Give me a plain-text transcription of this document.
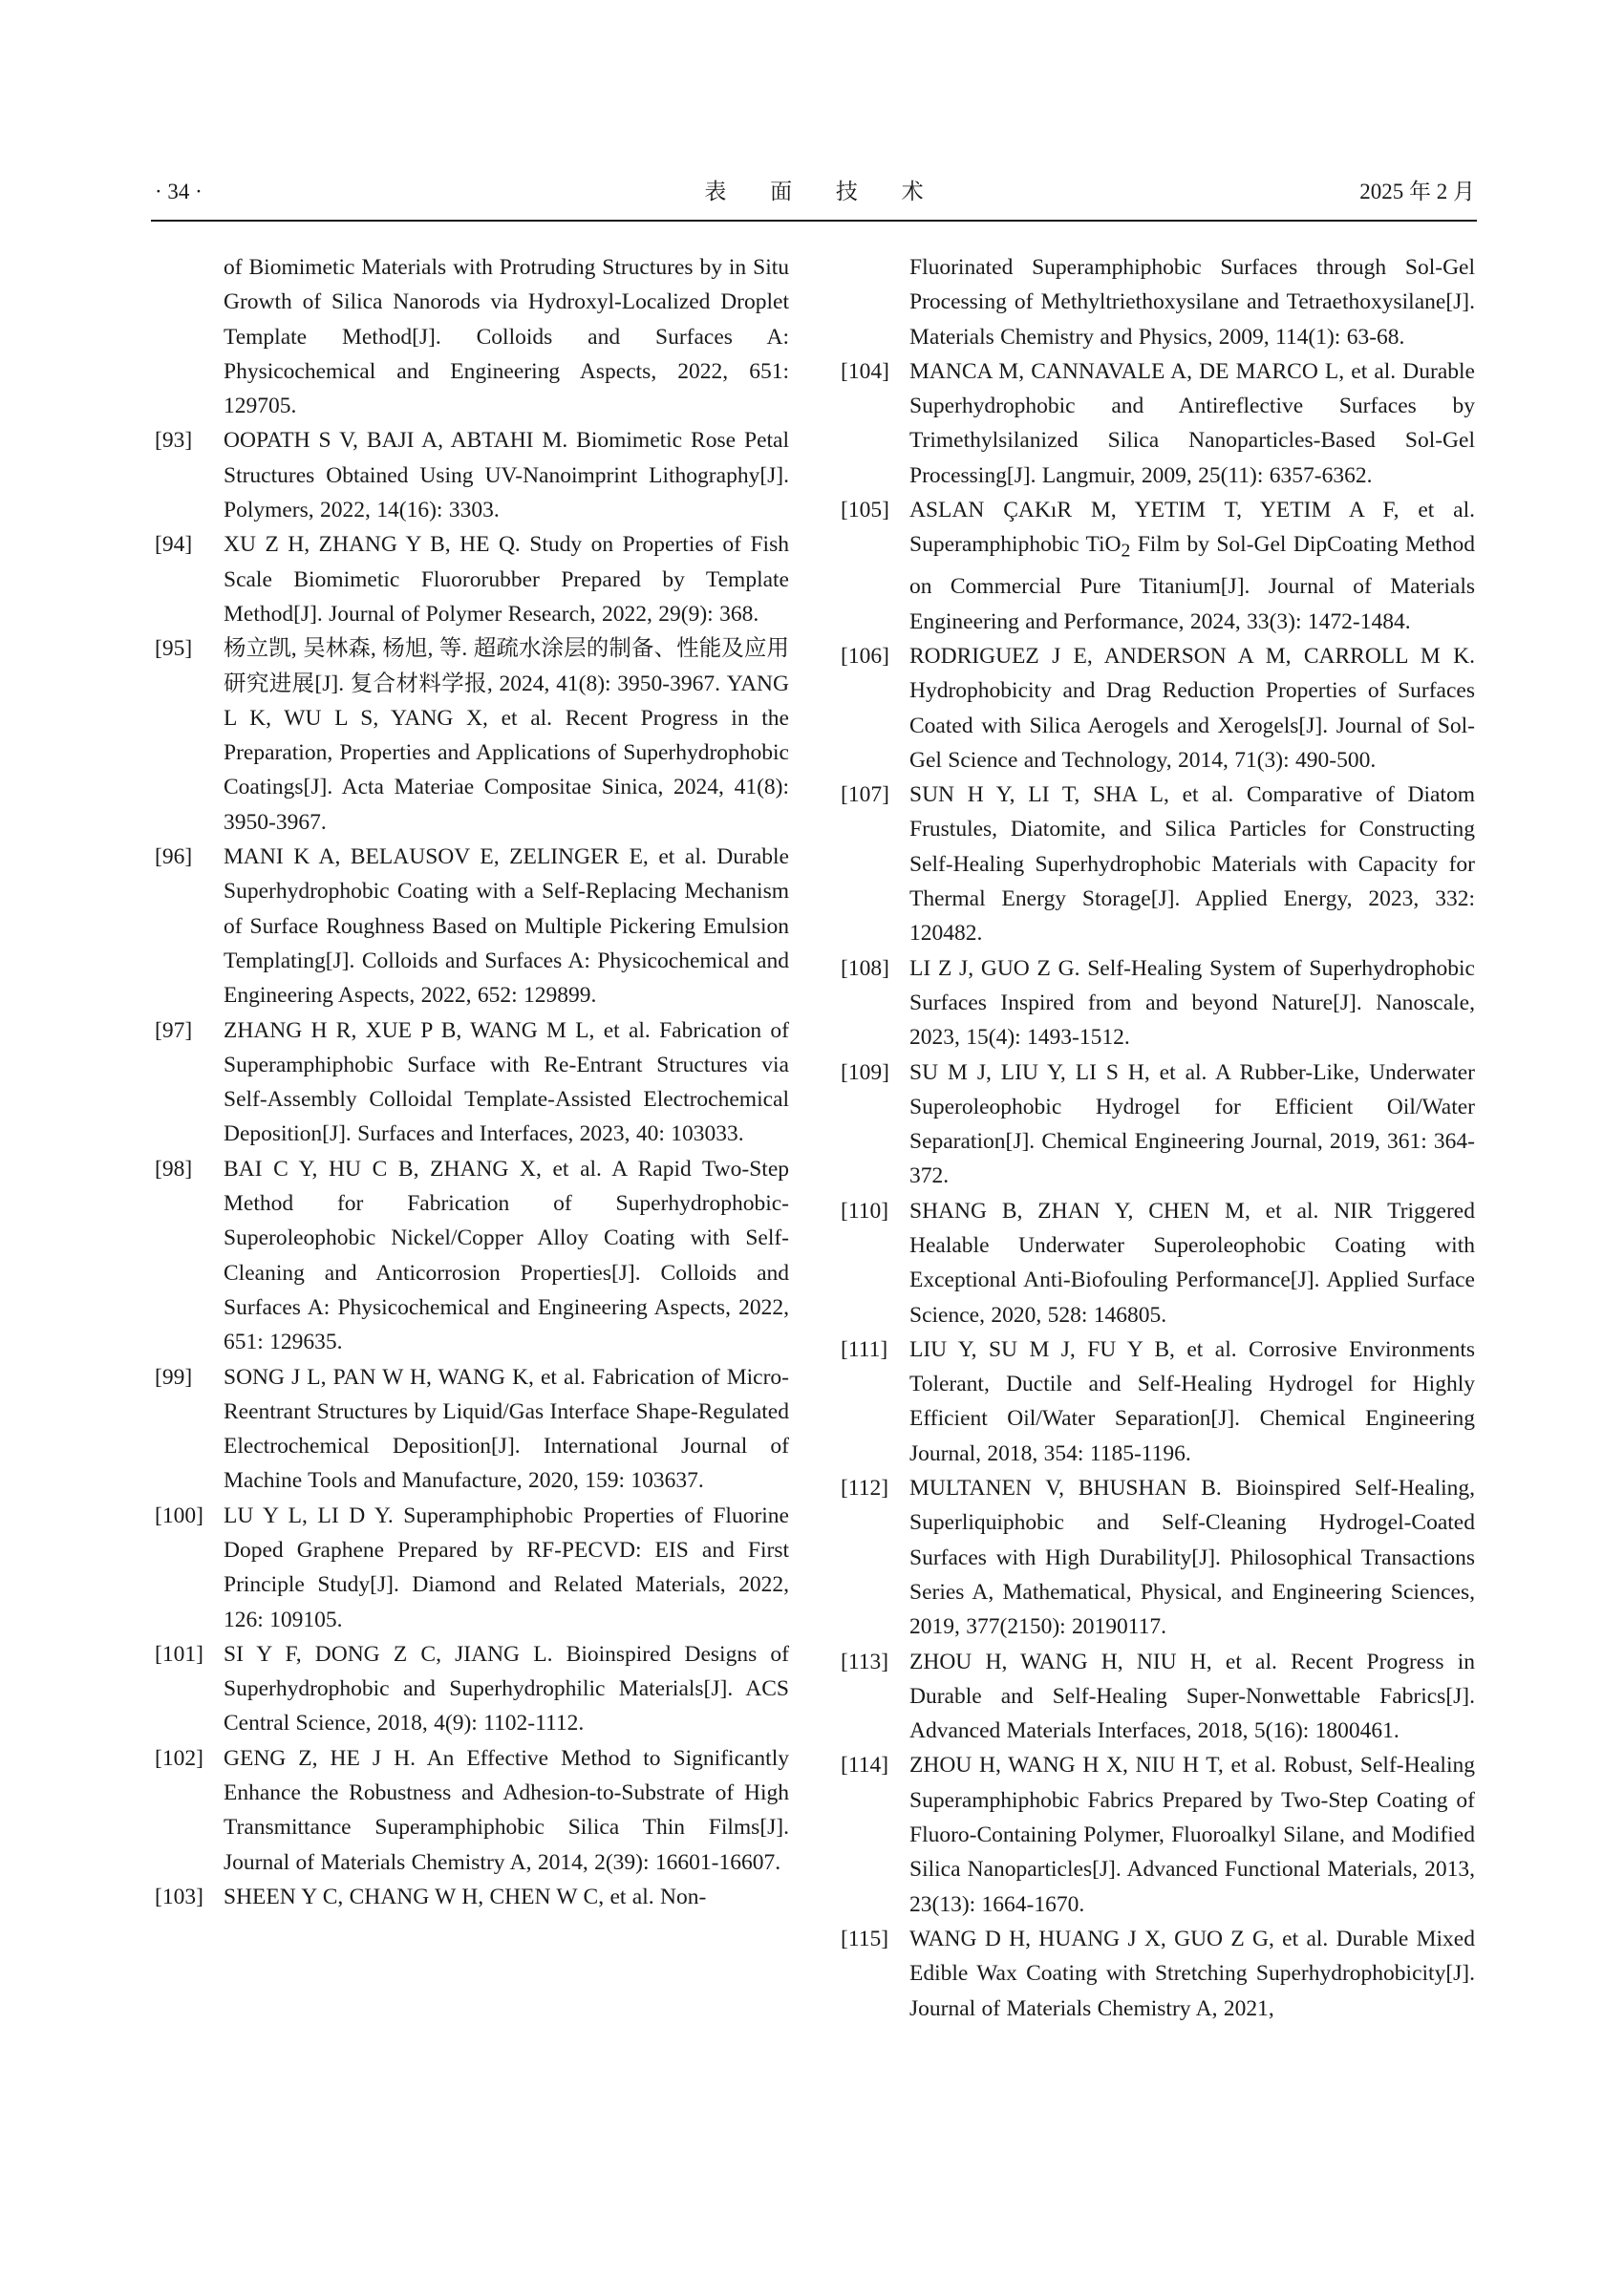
· 34 ·	表 面 技 术	2025 年 2 月
of Biomimetic Materials with Protruding Structures by in Situ Growth of Silica Nanorods via Hydroxyl-Localized Droplet Template Method[J]. Colloids and Surfaces A: Physicochemical and Engineering Aspects, 2022, 651: 129705.
[93]	OOPATH S V, BAJI A, ABTAHI M. Biomimetic Rose Petal Structures Obtained Using UV-Nanoimprint Lithography[J]. Polymers, 2022, 14(16): 3303.
[94]	XU Z H, ZHANG Y B, HE Q. Study on Properties of Fish Scale Biomimetic Fluororubber Prepared by Template Method[J]. Journal of Polymer Research, 2022, 29(9): 368.
[95]	杨立凯, 吴林森, 杨旭, 等. 超疏水涂层的制备、性能及应用研究进展[J]. 复合材料学报, 2024, 41(8): 3950-3967. YANG L K, WU L S, YANG X, et al. Recent Progress in the Preparation, Properties and Applications of Superhydrophobic Coatings[J]. Acta Materiae Compositae Sinica, 2024, 41(8): 3950-3967.
[96]	MANI K A, BELAUSOV E, ZELINGER E, et al. Durable Superhydrophobic Coating with a Self-Replacing Mechanism of Surface Roughness Based on Multiple Pickering Emulsion Templating[J]. Colloids and Surfaces A: Physicochemical and Engineering Aspects, 2022, 652: 129899.
[97]	ZHANG H R, XUE P B, WANG M L, et al. Fabrication of Superamphiphobic Surface with Re-Entrant Structures via Self-Assembly Colloidal Template-Assisted Electrochemical Deposition[J]. Surfaces and Interfaces, 2023, 40: 103033.
[98]	BAI C Y, HU C B, ZHANG X, et al. A Rapid Two-Step Method for Fabrication of Superhydrophobic-Superoleophobic Nickel/Copper Alloy Coating with Self-Cleaning and Anticorrosion Properties[J]. Colloids and Surfaces A: Physicochemical and Engineering Aspects, 2022, 651: 129635.
[99]	SONG J L, PAN W H, WANG K, et al. Fabrication of Micro-Reentrant Structures by Liquid/Gas Interface Shape-Regulated Electrochemical Deposition[J]. International Journal of Machine Tools and Manufacture, 2020, 159: 103637.
[100] LU Y L, LI D Y. Superamphiphobic Properties of Fluorine Doped Graphene Prepared by RF-PECVD: EIS and First Principle Study[J]. Diamond and Related Materials, 2022, 126: 109105.
[101] SI Y F, DONG Z C, JIANG L. Bioinspired Designs of Superhydrophobic and Superhydrophilic Materials[J]. ACS Central Science, 2018, 4(9): 1102-1112.
[102] GENG Z, HE J H. An Effective Method to Significantly Enhance the Robustness and Adhesion-to-Substrate of High Transmittance Superamphiphobic Silica Thin Films[J]. Journal of Materials Chemistry A, 2014, 2(39): 16601-16607.
[103] SHEEN Y C, CHANG W H, CHEN W C, et al. Non-
Fluorinated Superamphiphobic Surfaces through Sol-Gel Processing of Methyltriethoxysilane and Tetraethoxysilane[J]. Materials Chemistry and Physics, 2009, 114(1): 63-68.
[104] MANCA M, CANNAVALE A, DE MARCO L, et al. Durable Superhydrophobic and Antireflective Surfaces by Trimethylsilanized Silica Nanoparticles-Based Sol-Gel Processing[J]. Langmuir, 2009, 25(11): 6357-6362.
[105] ASLAN ÇAKıR M, YETIM T, YETIM A F, et al. Superamphiphobic TiO$_2$ Film by Sol-Gel DipCoating Method on Commercial Pure Titanium[J]. Journal of Materials Engineering and Performance, 2024, 33(3): 1472-1484.
[106] RODRIGUEZ J E, ANDERSON A M, CARROLL M K. Hydrophobicity and Drag Reduction Properties of Surfaces Coated with Silica Aerogels and Xerogels[J]. Journal of Sol-Gel Science and Technology, 2014, 71(3): 490-500.
[107] SUN H Y, LI T, SHA L, et al. Comparative of Diatom Frustules, Diatomite, and Silica Particles for Constructing Self-Healing Superhydrophobic Materials with Capacity for Thermal Energy Storage[J]. Applied Energy, 2023, 332: 120482.
[108] LI Z J, GUO Z G. Self-Healing System of Superhydrophobic Surfaces Inspired from and beyond Nature[J]. Nanoscale, 2023, 15(4): 1493-1512.
[109] SU M J, LIU Y, LI S H, et al. A Rubber-Like, Underwater Superoleophobic Hydrogel for Efficient Oil/Water Separation[J]. Chemical Engineering Journal, 2019, 361: 364-372.
[110] SHANG B, ZHAN Y, CHEN M, et al. NIR Triggered Healable Underwater Superoleophobic Coating with Exceptional Anti-Biofouling Performance[J]. Applied Surface Science, 2020, 528: 146805.
[111] LIU Y, SU M J, FU Y B, et al. Corrosive Environments Tolerant, Ductile and Self-Healing Hydrogel for Highly Efficient Oil/Water Separation[J]. Chemical Engineering Journal, 2018, 354: 1185-1196.
[112] MULTANEN V, BHUSHAN B. Bioinspired Self-Healing, Superliquiphobic and Self-Cleaning Hydrogel-Coated Surfaces with High Durability[J]. Philosophical Transactions Series A, Mathematical, Physical, and Engineering Sciences, 2019, 377(2150): 20190117.
[113] ZHOU H, WANG H, NIU H, et al. Recent Progress in Durable and Self-Healing Super-Nonwettable Fabrics[J]. Advanced Materials Interfaces, 2018, 5(16): 1800461.
[114] ZHOU H, WANG H X, NIU H T, et al. Robust, Self-Healing Superamphiphobic Fabrics Prepared by Two-Step Coating of Fluoro-Containing Polymer, Fluoroalkyl Silane, and Modified Silica Nanoparticles[J]. Advanced Functional Materials, 2013, 23(13): 1664-1670.
[115] WANG D H, HUANG J X, GUO Z G, et al. Durable Mixed Edible Wax Coating with Stretching Superhydrophobicity[J]. Journal of Materials Chemistry A, 2021,
